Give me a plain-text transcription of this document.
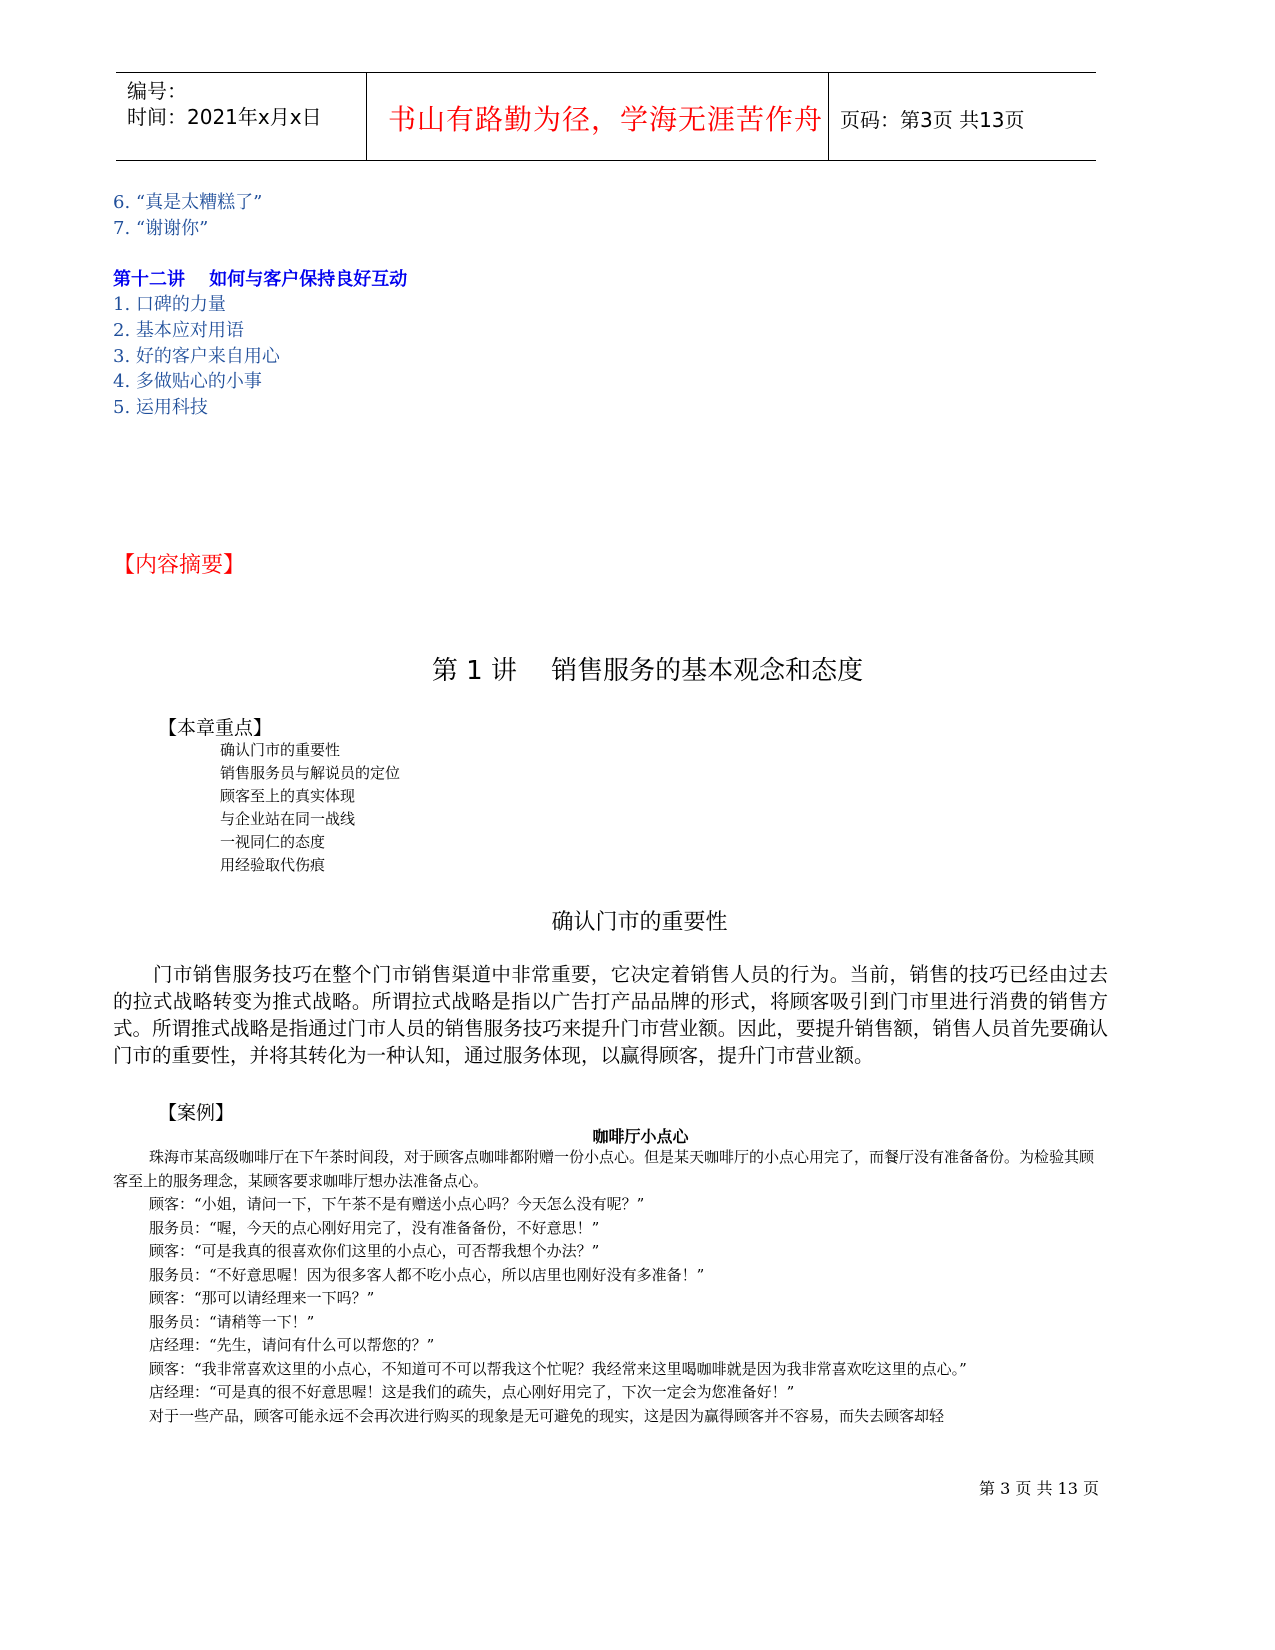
编号：
时间：2021年x月x日 书山有路勤为径，学海无涯苦作舟 页码：第3页 共13页
6. “真是太糟糕了”
7. “谢谢你”
第十二讲　 如何与客户保持良好互动
1. 口碑的力量
2. 基本应对用语
3. 好的客户来自用心
4. 多做贴心的小事
5. 运用科技
【内容摘要】
第 1 讲　 销售服务的基本观念和态度
【本章重点】
确认门市的重要性
销售服务员与解说员的定位
顾客至上的真实体现
与企业站在同一战线
一视同仁的态度
用经验取代伤痕
确认门市的重要性
门市销售服务技巧在整个门市销售渠道中非常重要，它决定着销售人员的行为。当前，销售的技巧已经由过去的拉式战略转变为推式战略。所谓拉式战略是指以广告打产品品牌的形式，将顾客吸引到门市里进行消费的销售方式。所谓推式战略是指通过门市人员的销售服务技巧来提升门市营业额。因此，要提升销售额，销售人员首先要确认门市的重要性，并将其转化为一种认知，通过服务体现，以赢得顾客，提升门市营业额。
【案例】
咖啡厅小点心

珠海市某高级咖啡厅在下午茶时间段，对于顾客点咖啡都附赠一份小点心。但是某天咖啡厅的小点心用完了，而餐厅没有准备备份。为检验其顾客至上的服务理念，某顾客要求咖啡厅想办法准备点心。

顾客：“小姐，请问一下，下午茶不是有赠送小点心吗？今天怎么没有呢？”

服务员：“喔，今天的点心刚好用完了，没有准备备份，不好意思！”

顾客：“可是我真的很喜欢你们这里的小点心，可否帮我想个办法？”

服务员：“不好意思喔！因为很多客人都不吃小点心，所以店里也刚好没有多准备！”

顾客：“那可以请经理来一下吗？”

服务员：“请稍等一下！”

店经理：“先生，请问有什么可以帮您的？”

顾客：“我非常喜欢这里的小点心，不知道可不可以帮我这个忙呢？我经常来这里喝咖啡就是因为我非常喜欢吃这里的点心。”

店经理：“可是真的很不好意思喔！这是我们的疏失，点心刚好用完了，下次一定会为您准备好！”

对于一些产品，顾客可能永远不会再次进行购买的现象是无可避免的现实，这是因为赢得顾客并不容易，而失去顾客却轻

第 3 页 共 13 页
